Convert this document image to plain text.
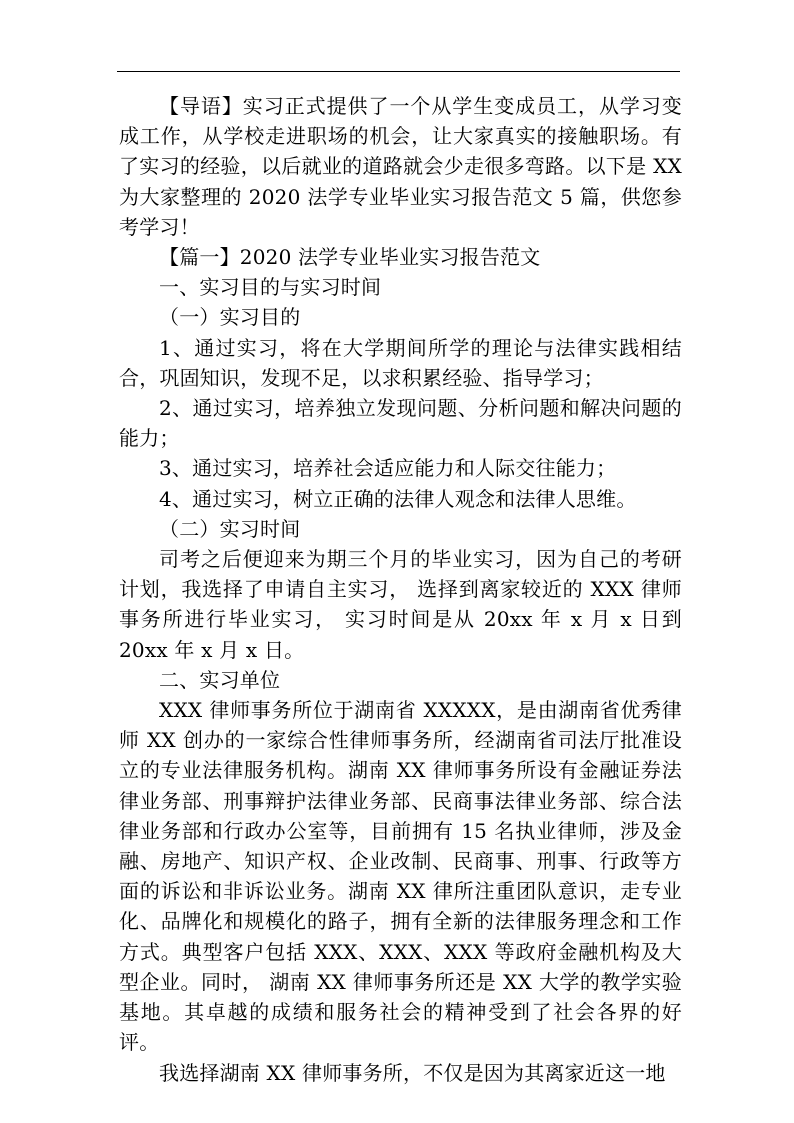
【导语】实习正式提供了一个从学生变成员工，从学习变成工作，从学校走进职场的机会，让大家真实的接触职场。有了实习的经验，以后就业的道路就会少走很多弯路。以下是 XX 为大家整理的 2020 法学专业毕业实习报告范文 5 篇，供您参考学习！

【篇一】2020 法学专业毕业实习报告范文

一、实习目的与实习时间

（一）实习目的

1、通过实习，将在大学期间所学的理论与法律实践相结合，巩固知识，发现不足，以求积累经验、指导学习；

2、通过实习，培养独立发现问题、分析问题和解决问题的能力；

3、通过实习，培养社会适应能力和人际交往能力；

4、通过实习，树立正确的法律人观念和法律人思维。

（二）实习时间

司考之后便迎来为期三个月的毕业实习，因为自己的考研计划，我选择了申请自主实习， 选择到离家较近的 XXX 律师事务所进行毕业实习， 实习时间是从 20xx 年 x 月 x 日到 20xx 年 x 月 x 日。

二、实习单位

XXX 律师事务所位于湖南省 XXXXX，是由湖南省优秀律师 XX 创办的一家综合性律师事务所，经湖南省司法厅批准设立的专业法律服务机构。湖南 XX 律师事务所设有金融证券法律业务部、刑事辩护法律业务部、民商事法律业务部、综合法律业务部和行政办公室等，目前拥有 15 名执业律师，涉及金融、房地产、知识产权、企业改制、民商事、刑事、行政等方面的诉讼和非诉讼业务。湖南 XX 律所注重团队意识，走专业化、品牌化和规模化的路子，拥有全新的法律服务理念和工作方式。典型客户包括 XXX、XXX、XXX 等政府金融机构及大型企业。同时， 湖南 XX 律师事务所还是 XX 大学的教学实验基地。其卓越的成绩和服务社会的精神受到了社会各界的好评。

我选择湖南 XX 律师事务所，不仅是因为其离家近这一地
